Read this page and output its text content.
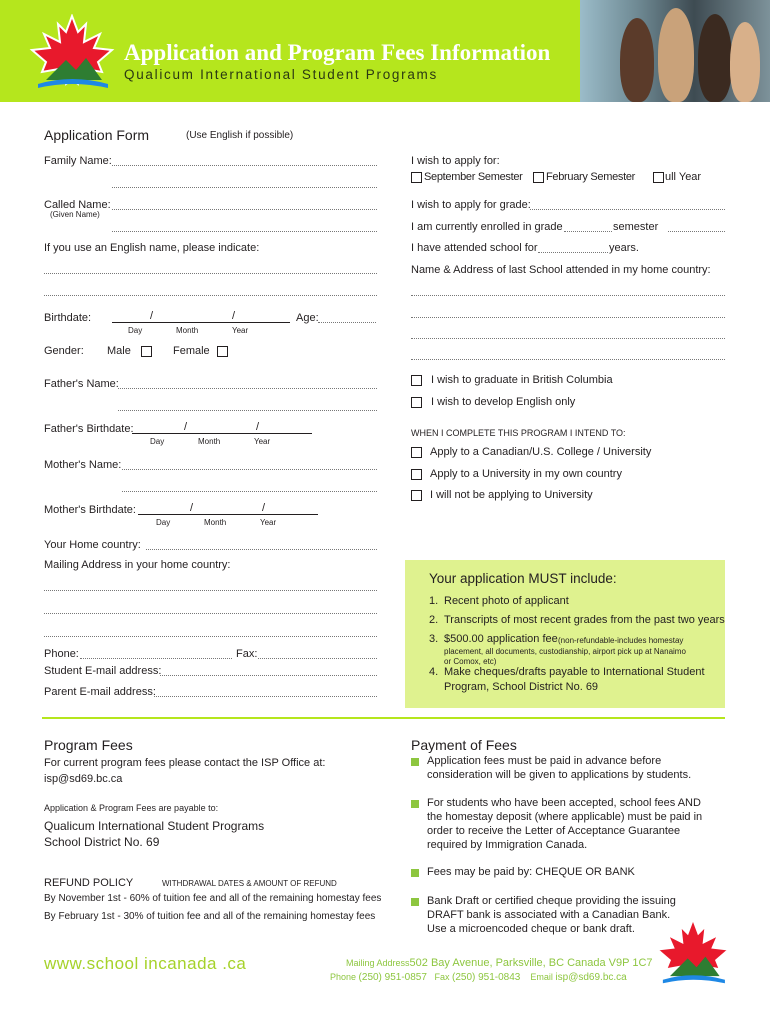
Application and Program Fees Information
Qualicum International Student Programs
Application Form	(Use English if possible)
Family Name:
Called Name:
(Given Name)
If you use an English name, please indicate:
Birthdate:	/	/	Age:
Day	Month	Year
Gender: Male	Female
Father's Name:
Father's Birthdate:	/	/
Day	Month	Year
Mother's Name:
Mother's Birthdate:	/	/
Day	Month	Year
Your Home country:
Mailing Address in your home country:
Phone:	Fax:
Student E-mail address:
Parent E-mail address:
I wish to apply for:
September Semester February Semester	ull Year
I wish to apply for grade:
I am currently enrolled in grade	semester
I have attended school for	years.
Name & Address of last School attended in my home country:
I wish to graduate in British Columbia
I wish to develop English only
WHEN I COMPLETE THIS PROGRAM I INTEND TO:
Apply to a Canadian/U.S. College / University
Apply to a University in my own country
I will not be applying to University
Your application MUST include:
1. Recent photo of applicant
2. Transcripts of most recent grades from the past two years
3. $500.00 application fee (non-refundable-includes homestay
placement, all documents, custodianship, airport pick up at Nanaimo
or Comox, etc)
4. Make cheques/drafts payable to International Student
Program, School District No. 69
Program Fees
For current program fees please contact the ISP Office at:
isp@sd69.bc.ca
Application & Program Fees are payable to:
Qualicum International Student Programs
School District No. 69
REFUND POLICY	WITHDRAWAL DATES & AMOUNT OF REFUND
By November 1st - 60% of tuition fee and all of the remaining homestay fees
By February 1st - 30% of tuition fee and all of the remaining homestay fees
Payment of Fees
Application fees must be paid in advance before
consideration will be given to applications by students.
For students who have been accepted, school fees AND
the homestay deposit (where applicable) must be paid in
order to receive the Letter of Acceptance Guarantee
required by Immigration Canada.
Fees may be paid by: CHEQUE OR BANK
Bank Draft or certified cheque providing the issuing
DRAFT bank is associated with a Canadian Bank.
Use a microencoded cheque or bank draft.
www.school incanada .ca	Mailing Address502 Bay Avenue, Parksville, BC Canada V9P 1C7
Phone (250) 951-0857 Fax (250) 951-0843 Email isp@sd69.bc.ca
